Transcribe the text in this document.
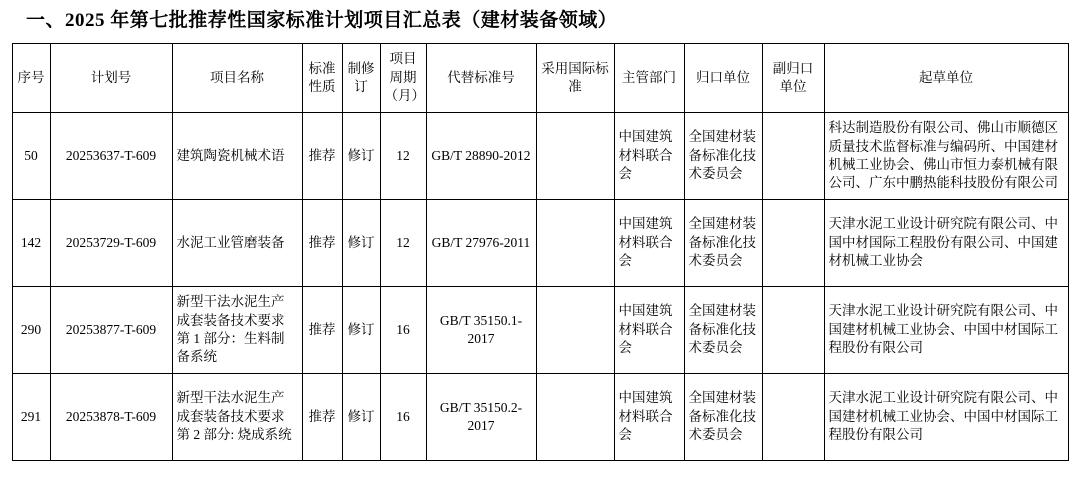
一、2025 年第七批推荐性国家标准计划项目汇总表（建材装备领域）
序号	计划号	项目名称	标准性质	制修订	项目周期（月）	代替标准号	采用国际标准	主管部门	归口单位	副归口单位	起草单位
50	20253637-T-609	建筑陶瓷机械术语	推荐	修订	12	GB/T 28890-2012		中国建筑材料联合会	全国建材装备标准化技术委员会		科达制造股份有限公司、佛山市顺德区质量技术监督标准与编码所、中国建材机械工业协会、佛山市恒力泰机械有限公司、广东中鹏热能科技股份有限公司
142	20253729-T-609	水泥工业管磨装备	推荐	修订	12	GB/T 27976-2011		中国建筑材料联合会	全国建材装备标准化技术委员会		天津水泥工业设计研究院有限公司、中国中材国际工程股份有限公司、中国建材机械工业协会
290	20253877-T-609	新型干法水泥生产成套装备技术要求 第 1 部分：生料制备系统	推荐	修订	16	GB/T 35150.1-2017		中国建筑材料联合会	全国建材装备标准化技术委员会		天津水泥工业设计研究院有限公司、中国建材机械工业协会、中国中材国际工程股份有限公司
291	20253878-T-609	新型干法水泥生产成套装备技术要求 第 2 部分: 烧成系统	推荐	修订	16	GB/T 35150.2-2017		中国建筑材料联合会	全国建材装备标准化技术委员会		天津水泥工业设计研究院有限公司、中国建材机械工业协会、中国中材国际工程股份有限公司
